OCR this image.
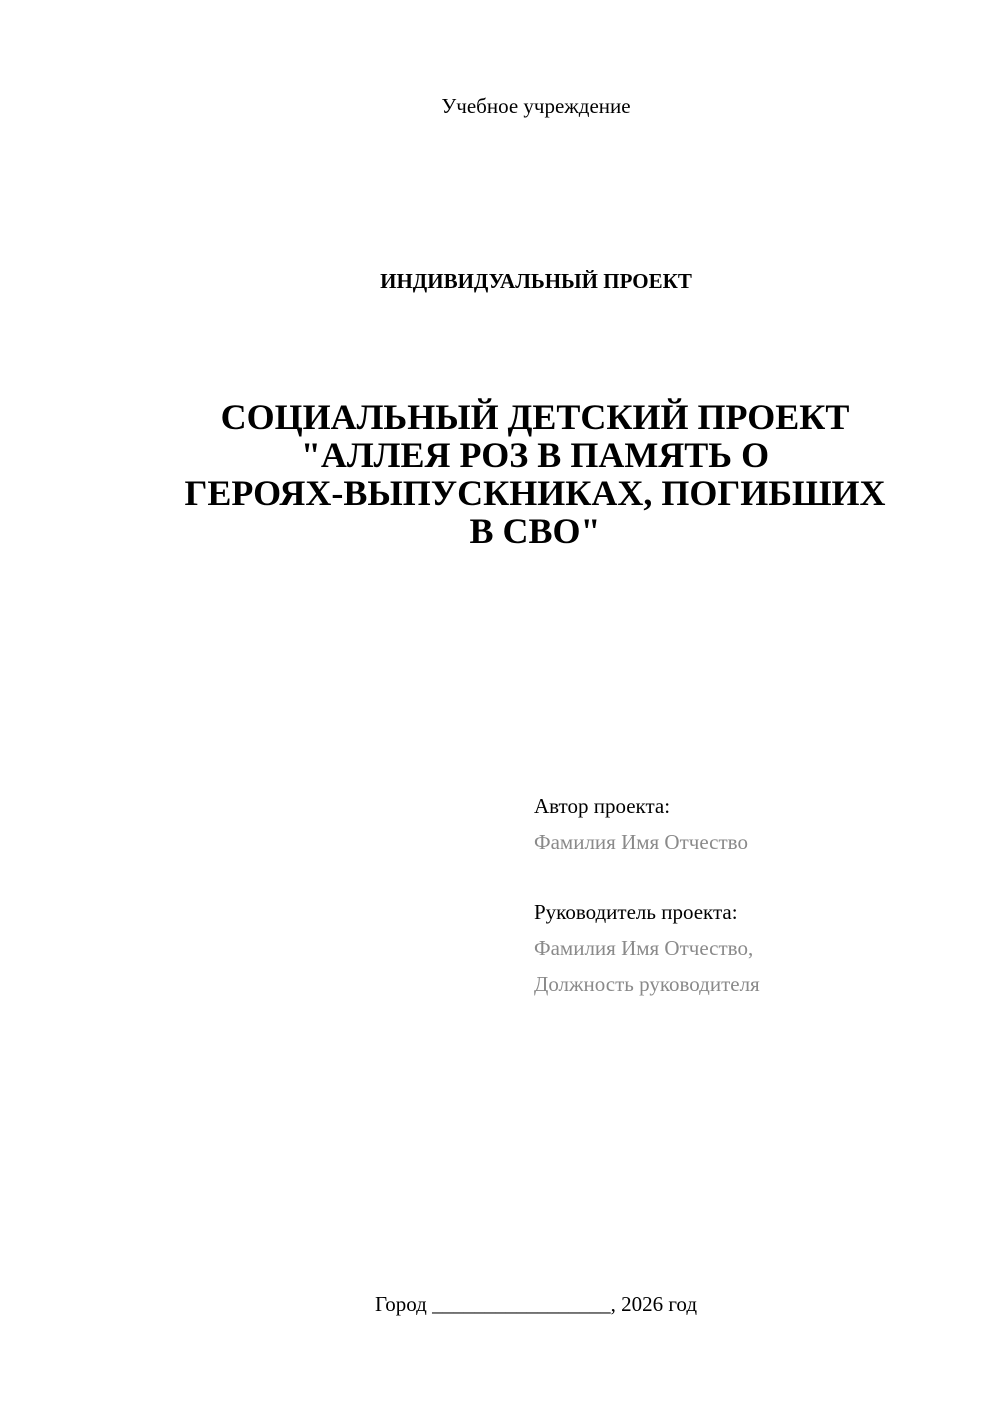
Учебное учреждение
ИНДИВИДУАЛЬНЫЙ ПРОЕКТ
СОЦИАЛЬНЫЙ ДЕТСКИЙ ПРОЕКТ
"АЛЛЕЯ РОЗ В ПАМЯТЬ О
ГЕРОЯХ-ВЫПУСКНИКАХ, ПОГИБШИХ
В СВО"
Автор проекта:
Фамилия Имя Отчество
Руководитель проекта:
Фамилия Имя Отчество,
Должность руководителя
Город _________________, 2026 год
